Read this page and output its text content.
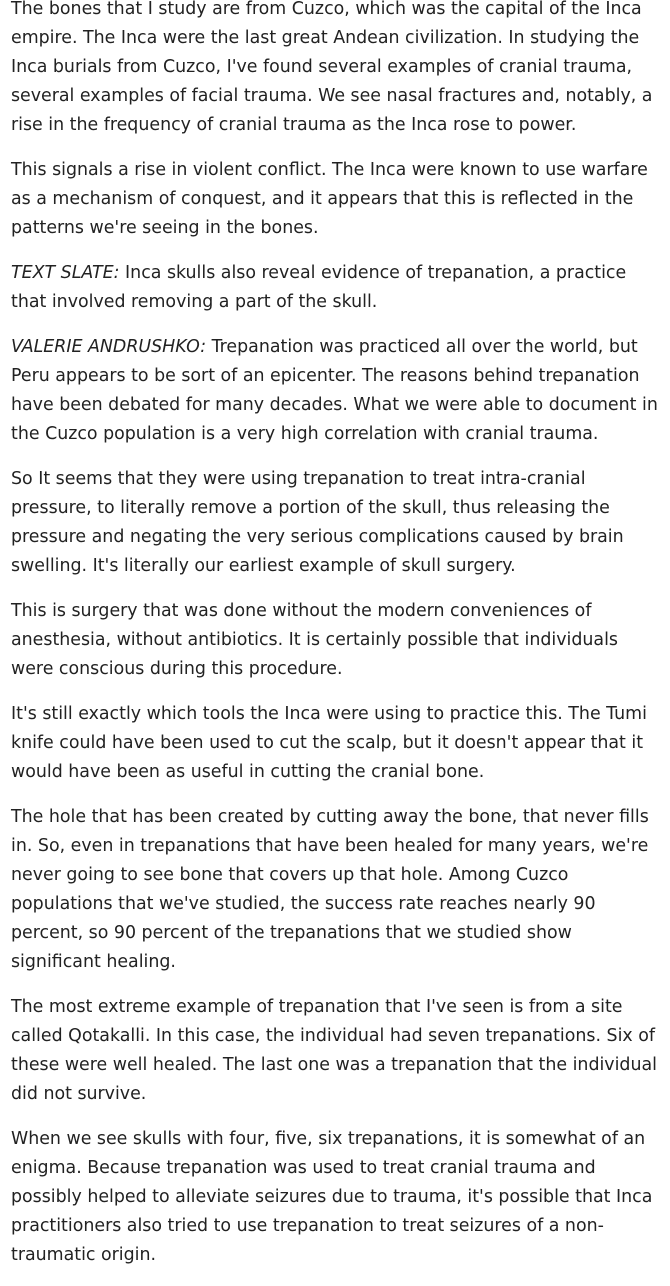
The bones that I study are from Cuzco, which was the capital of the Inca empire. The Inca were the last great Andean civilization. In studying the Inca burials from Cuzco, I've found several examples of cranial trauma, several examples of facial trauma. We see nasal fractures and, notably, a rise in the frequency of cranial trauma as the Inca rose to power.

This signals a rise in violent conflict. The Inca were known to use warfare as a mechanism of conquest, and it appears that this is reflected in the patterns we're seeing in the bones.

TEXT SLATE: Inca skulls also reveal evidence of trepanation, a practice that involved removing a part of the skull.

VALERIE ANDRUSHKO: Trepanation was practiced all over the world, but Peru appears to be sort of an epicenter. The reasons behind trepanation have been debated for many decades. What we were able to document in the Cuzco population is a very high correlation with cranial trauma.

So It seems that they were using trepanation to treat intra-cranial pressure, to literally remove a portion of the skull, thus releasing the pressure and negating the very serious complications caused by brain swelling. It's literally our earliest example of skull surgery.

This is surgery that was done without the modern conveniences of anesthesia, without antibiotics. It is certainly possible that individuals were conscious during this procedure.

It's still exactly which tools the Inca were using to practice this. The Tumi knife could have been used to cut the scalp, but it doesn't appear that it would have been as useful in cutting the cranial bone.

The hole that has been created by cutting away the bone, that never fills in. So, even in trepanations that have been healed for many years, we're never going to see bone that covers up that hole. Among Cuzco populations that we've studied, the success rate reaches nearly 90 percent, so 90 percent of the trepanations that we studied show significant healing.

The most extreme example of trepanation that I've seen is from a site called Qotakalli. In this case, the individual had seven trepanations. Six of these were well healed. The last one was a trepanation that the individual did not survive.

When we see skulls with four, five, six trepanations, it is somewhat of an enigma. Because trepanation was used to treat cranial trauma and possibly helped to alleviate seizures due to trauma, it's possible that Inca practitioners also tried to use trepanation to treat seizures of a non-traumatic origin.
